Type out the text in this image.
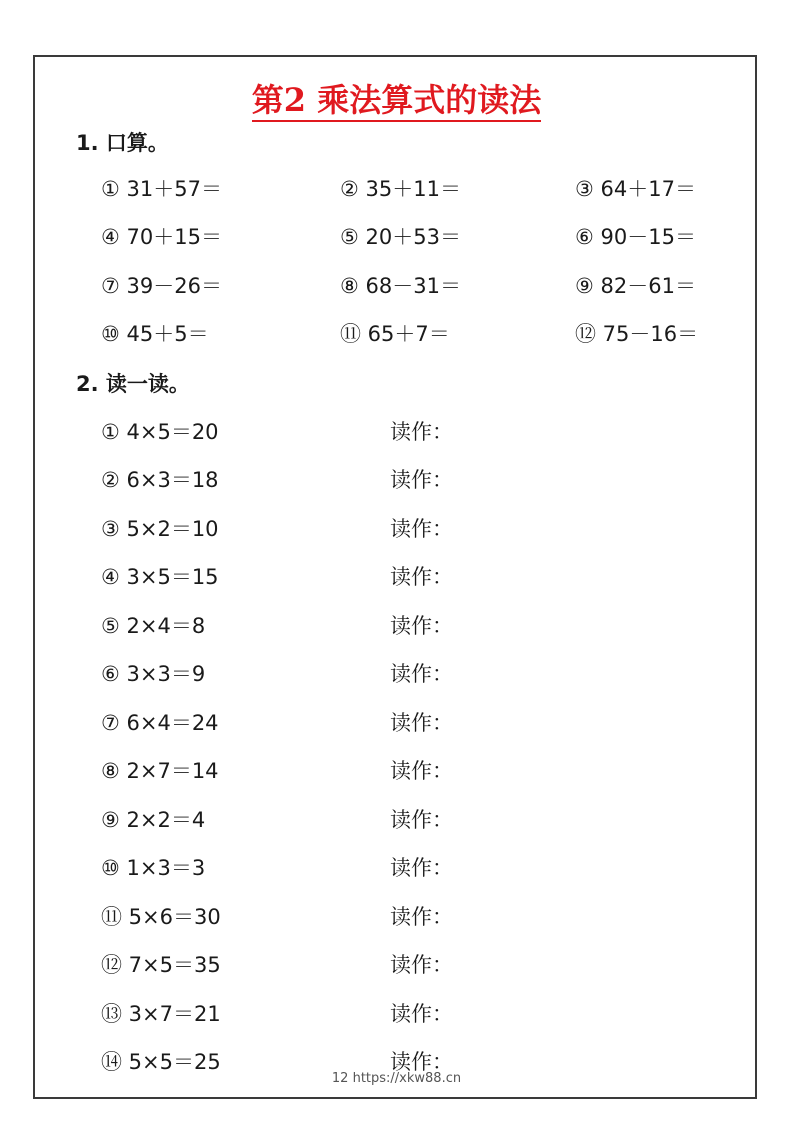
第2 乘法算式的读法
1. 口算。
① 31＋57＝	② 35＋11＝	③ 64＋17＝
④ 70＋15＝	⑤ 20＋53＝	⑥ 90－15＝
⑦ 39－26＝	⑧ 68－31＝	⑨ 82－61＝
⑩ 45＋5＝	⑪ 65＋7＝	⑫ 75－16＝
2. 读一读。
① 4×5＝20	读作：
② 6×3＝18	读作：
③ 5×2＝10	读作：
④ 3×5＝15	读作：
⑤ 2×4＝8	读作：
⑥ 3×3＝9	读作：
⑦ 6×4＝24	读作：
⑧ 2×7＝14	读作：
⑨ 2×2＝4	读作：
⑩ 1×3＝3	读作：
⑪ 5×6＝30	读作：
⑫ 7×5＝35	读作：
⑬ 3×7＝21	读作：
⑭ 5×5＝25	读作：
12 https://xkw88.cn
